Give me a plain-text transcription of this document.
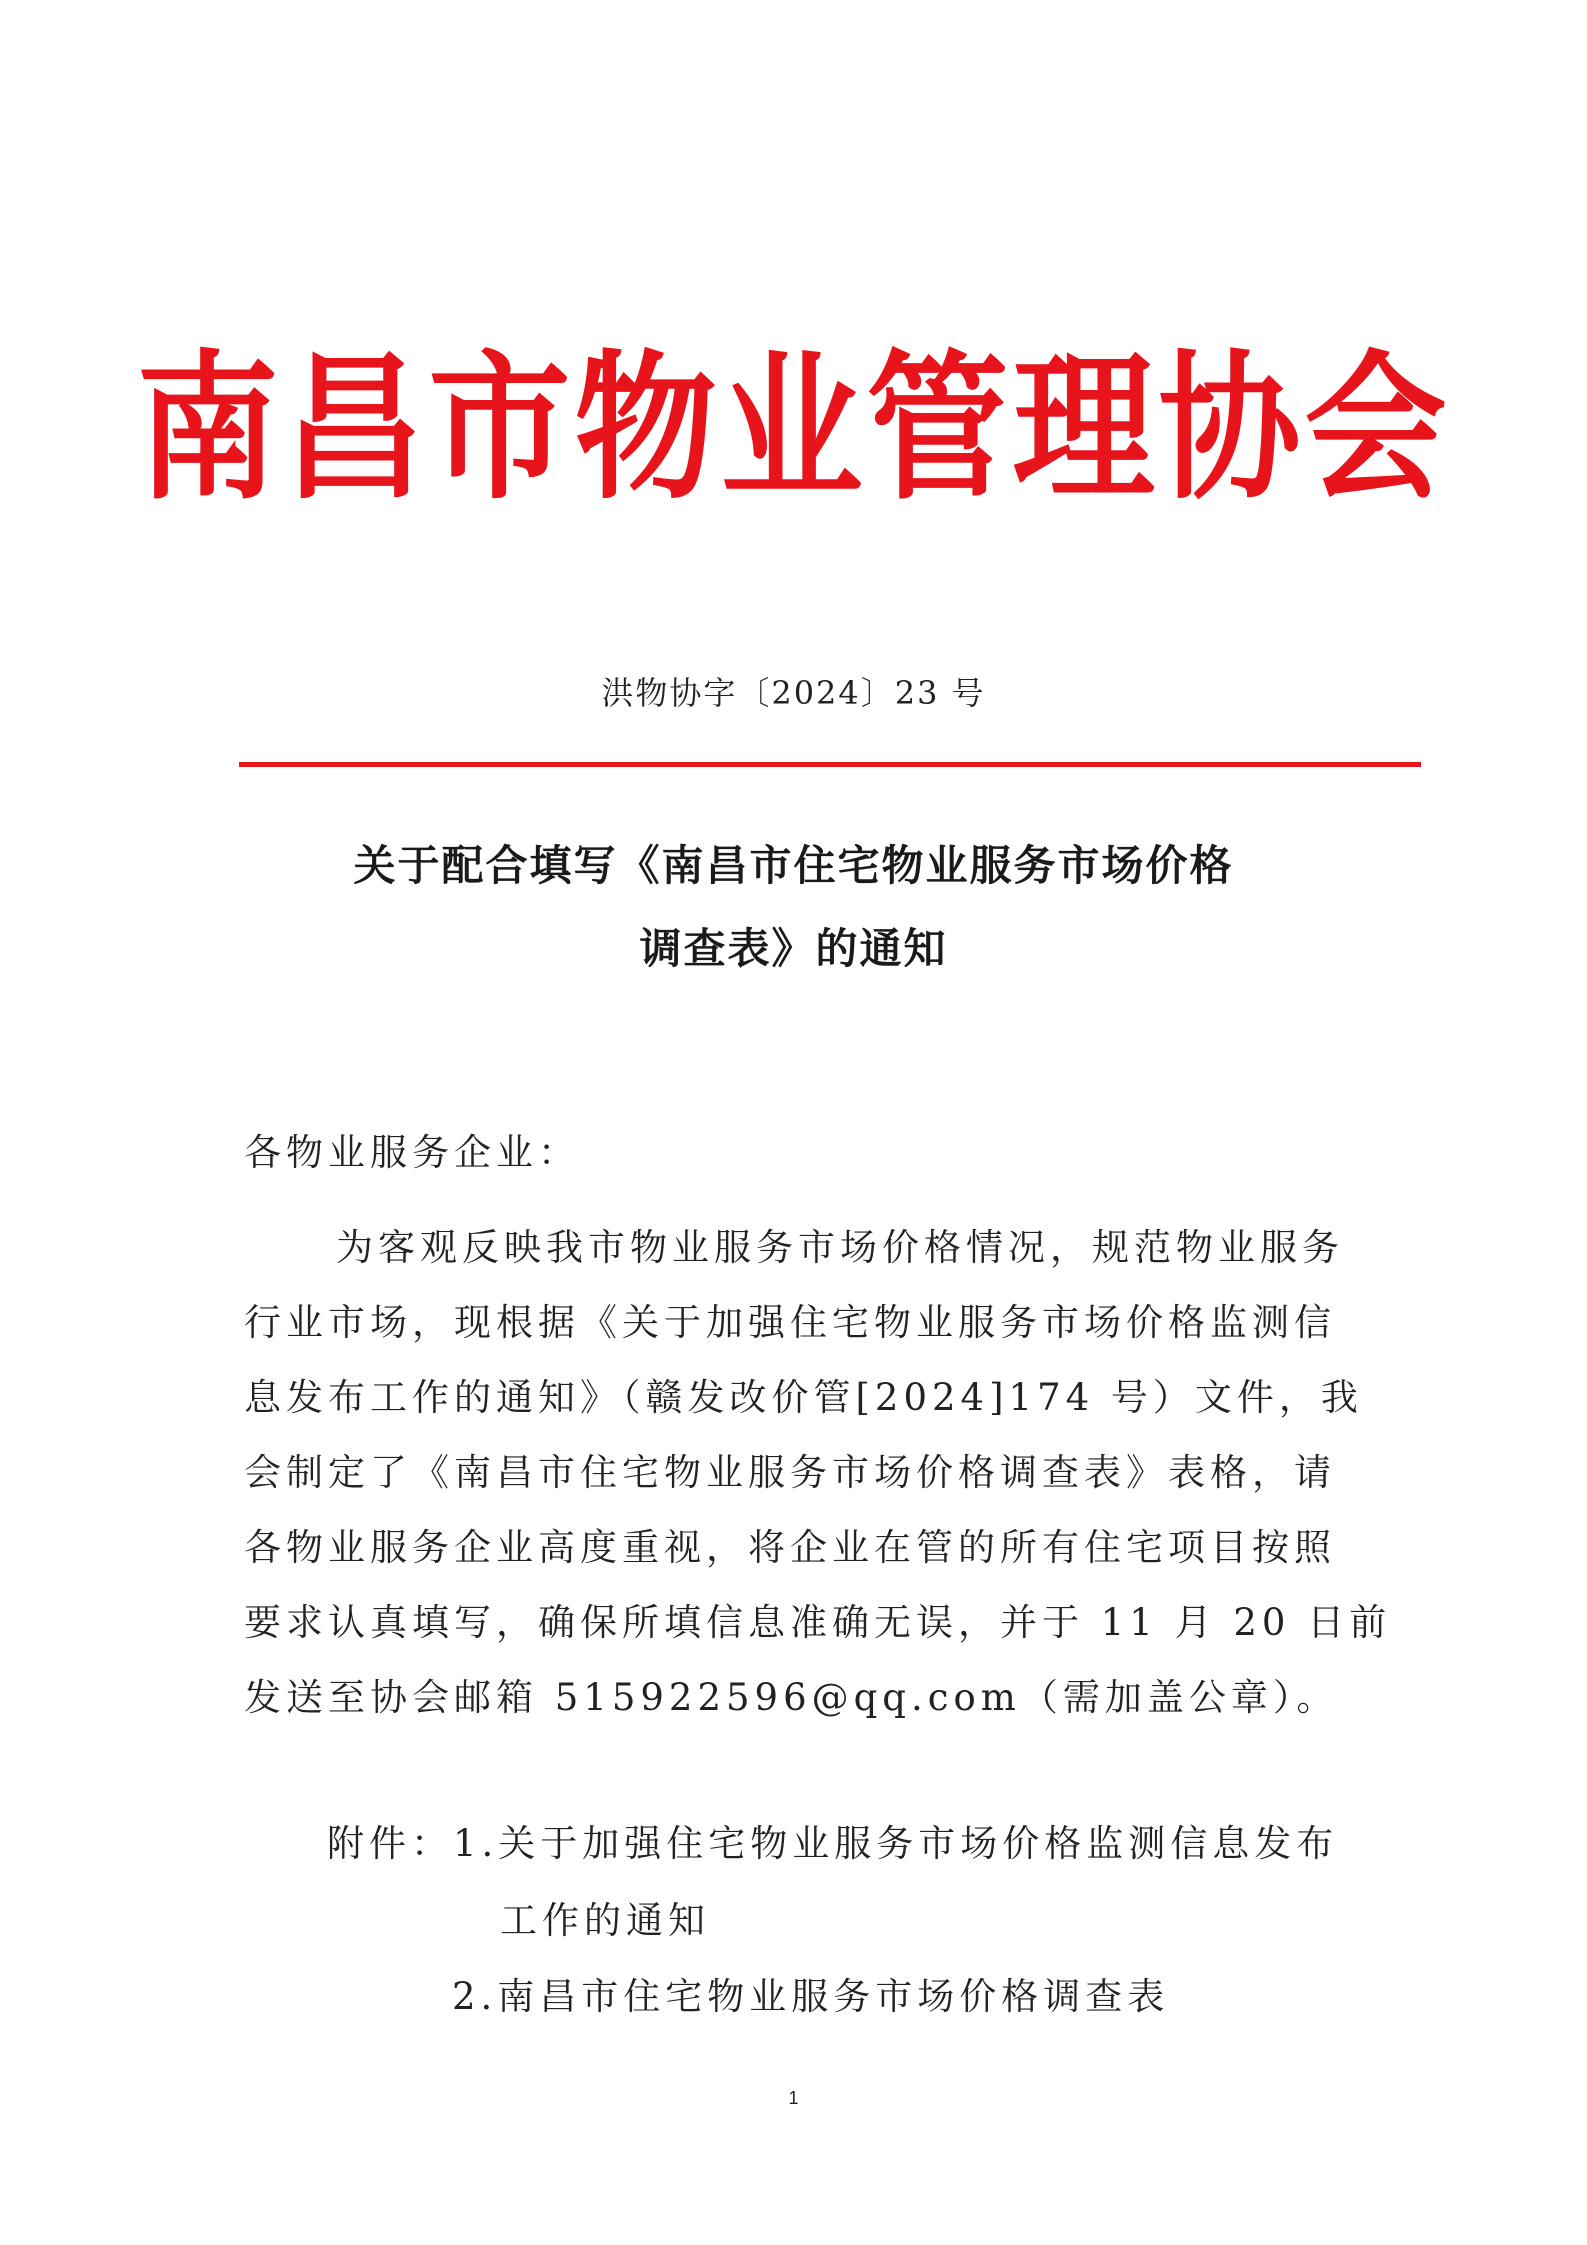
南昌市物业管理协会
洪物协字〔2024〕23 号
关于配合填写《南昌市住宅物业服务市场价格
调查表》的通知
各物业服务企业：
为客观反映我市物业服务市场价格情况，规范物业服务
行业市场，现根据《关于加强住宅物业服务市场价格监测信
息发布工作的通知》（赣发改价管[2024]174 号）文件，我
会制定了《南昌市住宅物业服务市场价格调查表》表格，请
各物业服务企业高度重视，将企业在管的所有住宅项目按照
要求认真填写，确保所填信息准确无误，并于 11 月 20 日前
发送至协会邮箱 515922596@qq.com（需加盖公章）。
附件：1.关于加强住宅物业服务市场价格监测信息发布
工作的通知
2.南昌市住宅物业服务市场价格调查表
1
